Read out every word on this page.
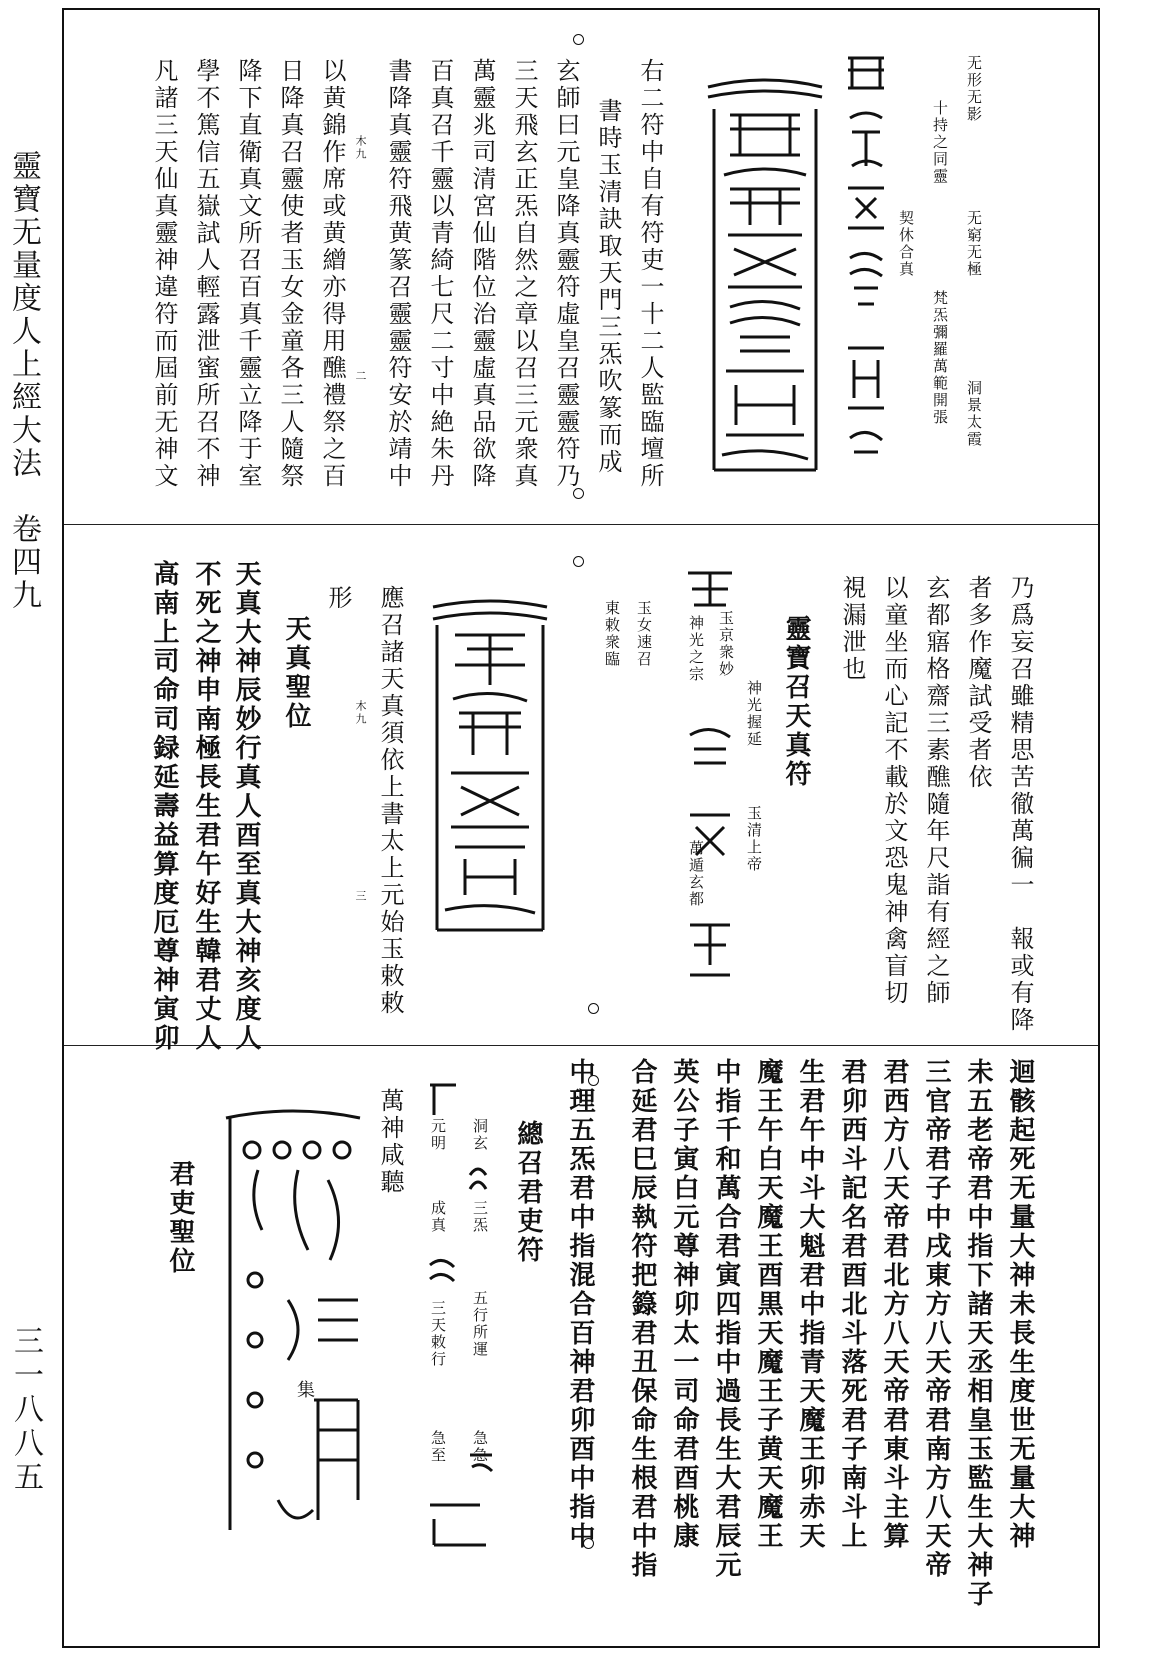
靈寶无量度人上經大法　卷四九
三一八八五
无形无影
十持之同靈
无窮无極
契休合真
梵炁彌羅萬範開張	洞景太霞
右二符中自有符吏一十二人監臨壇所
書時玉清訣取天門三炁吹篆而成
玄師曰元皇降真靈符虛皇召靈靈符乃
三天飛玄正炁自然之章以召三元衆真
萬靈兆司清宮仙階位治靈虛真品欲降
百真召千靈以青綺七尺二寸中絶朱丹
書降真靈符飛黄篆召靈靈符安於靖中
以黄錦作席或黄繒亦得用醮禮祭之百
日降真召靈使者玉女金童各三人隨祭
降下直衛真文所召百真千靈立降于室
學不篤信五嶽試人輕露泄蜜所召不神
凡諸三天仙真靈神違符而屆前无神文	木九
二
乃爲妄召雖精思苦徹萬徧一　報或有降
者多作魔試受者依
玄都寤格齋三素醮隨年尺詣有經之師
以童坐而心記不載於文恐鬼神禽盲切
視漏泄也
靈寶召天真符
玉清上帝
神光握延
萬遁玄都
神光之宗 玉京衆妙
玉女速召
東敕衆臨
應召諸天真須依上書太上元始玉敕敕
形
天真聖位
天真大神辰妙行真人酉至真大神亥度人
不死之神申南極長生君午好生韓君丈人
高南上司命司録延壽益算度厄尊神寅卯	木九
三
迴骸起死无量大神未長生度世无量大神
未五老帝君中指下諸天丞相皇玉監生大神子
三官帝君子中戌東方八天帝君南方八天帝
君西方八天帝君北方八天帝君東斗主算
君卯西斗記名君酉北斗落死君子南斗上
生君午中斗大魁君中指青天魔王卯赤天
魔王午白天魔王酉黒天魔王子黄天魔王
中指千和萬合君寅四指中過長生大君辰元
英公子寅白元尊神卯太一司命君酉桃康
合延君巳辰執符把籙君丑保命生根君中指
中理五炁君中指混合百神君卯酉中指中
總召君吏符
洞玄
元明
三炁
五行所運
成真
三天敕行
急急
急至
萬神咸聽
集
君吏聖位
